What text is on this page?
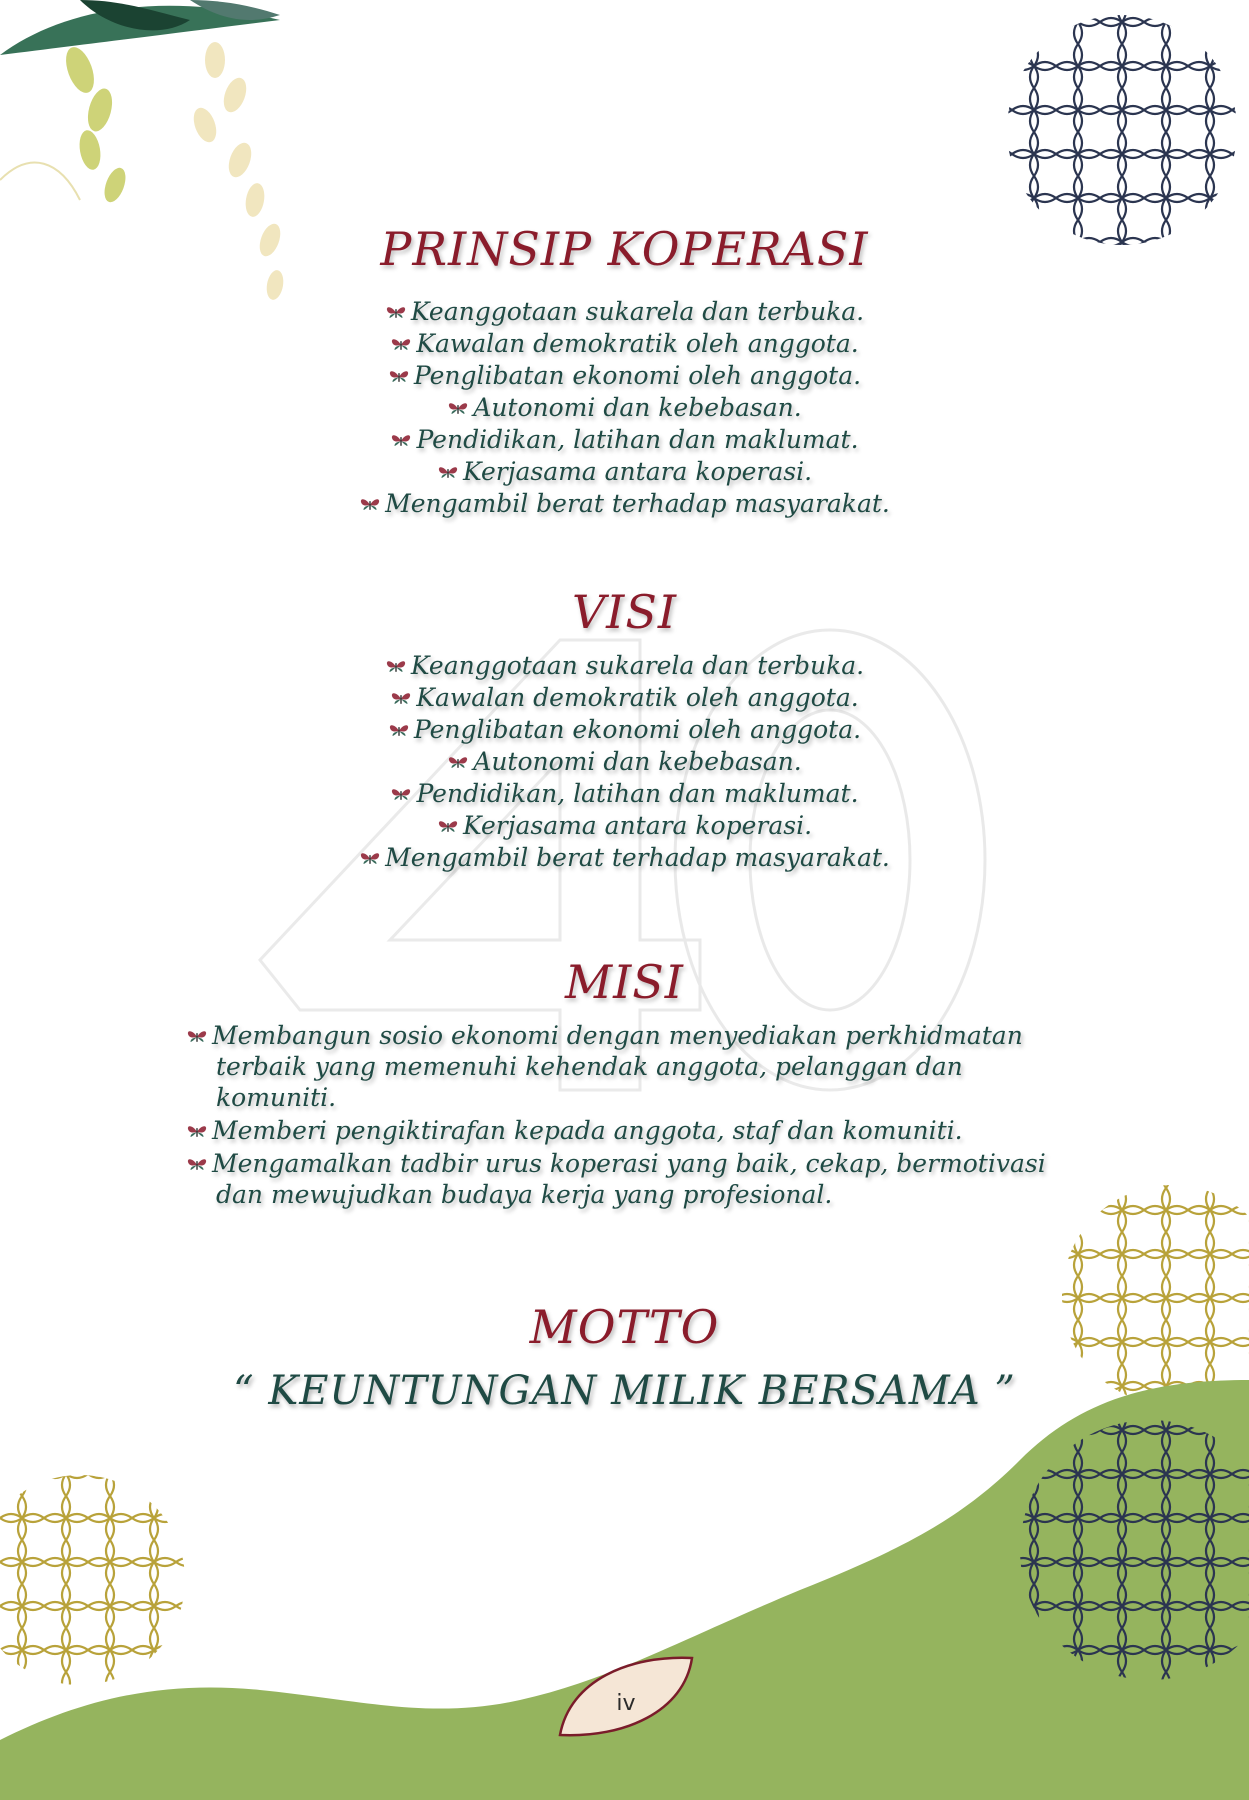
PRINSIP KOPERASI
Keanggotaan sukarela dan terbuka.
Kawalan demokratik oleh anggota.
Penglibatan ekonomi oleh anggota.
Autonomi dan kebebasan.
Pendidikan, latihan dan maklumat.
Kerjasama antara koperasi.
Mengambil berat terhadap masyarakat.
VISI
Keanggotaan sukarela dan terbuka.
Kawalan demokratik oleh anggota.
Penglibatan ekonomi oleh anggota.
Autonomi dan kebebasan.
Pendidikan, latihan dan maklumat.
Kerjasama antara koperasi.
Mengambil berat terhadap masyarakat.
MISI
Membangun sosio ekonomi dengan menyediakan perkhidmatan terbaik yang memenuhi kehendak anggota, pelanggan dan komuniti.
Memberi pengiktirafan kepada anggota, staf dan komuniti.
Mengamalkan tadbir urus koperasi yang baik, cekap, bermotivasi dan mewujudkan budaya kerja yang profesional.
MOTTO
“ KEUNTUNGAN MILIK BERSAMA ”
iv
